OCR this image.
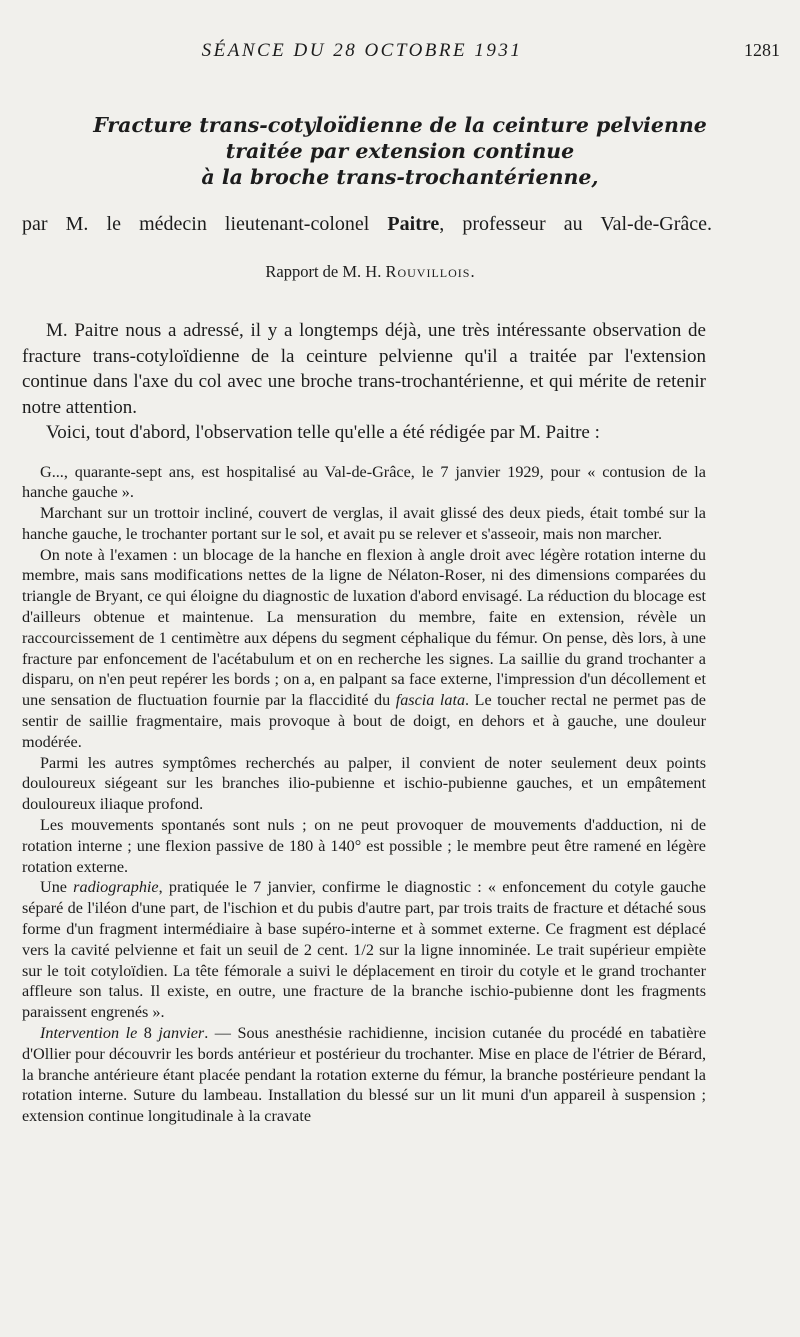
SÉANCE DU 28 OCTOBRE 1931	1281
Fracture trans-cotyloïdienne de la ceinture pelvienne
traitée par extension continue
à la broche trans-trochantérienne,
par M. le médecin lieutenant-colonel Paitre, professeur au Val-de-Grâce.
Rapport de M. H. Rouvillois.

M. Paitre nous a adressé, il y a longtemps déjà, une très intéressante observation de fracture trans-cotyloïdienne de la ceinture pelvienne qu'il a traitée par l'extension continue dans l'axe du col avec une broche trans-trochantérienne, et qui mérite de retenir notre attention.

Voici, tout d'abord, l'observation telle qu'elle a été rédigée par M. Paitre :

G..., quarante-sept ans, est hospitalisé au Val-de-Grâce, le 7 janvier 1929, pour « contusion de la hanche gauche ».

Marchant sur un trottoir incliné, couvert de verglas, il avait glissé des deux pieds, était tombé sur la hanche gauche, le trochanter portant sur le sol, et avait pu se relever et s'asseoir, mais non marcher.

On note à l'examen : un blocage de la hanche en flexion à angle droit avec légère rotation interne du membre, mais sans modifications nettes de la ligne de Nélaton-Roser, ni des dimensions comparées du triangle de Bryant, ce qui éloigne du diagnostic de luxation d'abord envisagé. La réduction du blocage est d'ailleurs obtenue et maintenue. La mensuration du membre, faite en extension, révèle un raccourcissement de 1 centimètre aux dépens du segment céphalique du fémur. On pense, dès lors, à une fracture par enfoncement de l'acétabulum et on en recherche les signes. La saillie du grand trochanter a disparu, on n'en peut repérer les bords ; on a, en palpant sa face externe, l'impression d'un décollement et une sensation de fluctuation fournie par la flaccidité du fascia lata. Le toucher rectal ne permet pas de sentir de saillie fragmentaire, mais provoque à bout de doigt, en dehors et à gauche, une douleur modérée.

Parmi les autres symptômes recherchés au palper, il convient de noter seulement deux points douloureux siégeant sur les branches ilio-pubienne et ischio-pubienne gauches, et un empâtement douloureux iliaque profond.

Les mouvements spontanés sont nuls ; on ne peut provoquer de mouvements d'adduction, ni de rotation interne ; une flexion passive de 180 à 140° est possible ; le membre peut être ramené en légère rotation externe.

Une radiographie, pratiquée le 7 janvier, confirme le diagnostic : « enfoncement du cotyle gauche séparé de l'iléon d'une part, de l'ischion et du pubis d'autre part, par trois traits de fracture et détaché sous forme d'un fragment intermédiaire à base supéro-interne et à sommet externe. Ce fragment est déplacé vers la cavité pelvienne et fait un seuil de 2 cent. 1/2 sur la ligne innominée. Le trait supérieur empiète sur le toit cotyloïdien. La tête fémorale a suivi le déplacement en tiroir du cotyle et le grand trochanter affleure son talus. Il existe, en outre, une fracture de la branche ischio-pubienne dont les fragments paraissent engrenés ».

Intervention le 8 janvier. — Sous anesthésie rachidienne, incision cutanée du procédé en tabatière d'Ollier pour découvrir les bords antérieur et postérieur du trochanter. Mise en place de l'étrier de Bérard, la branche antérieure étant placée pendant la rotation externe du fémur, la branche postérieure pendant la rotation interne. Suture du lambeau. Installation du blessé sur un lit muni d'un appareil à suspension ; extension continue longitudinale à la cravate
